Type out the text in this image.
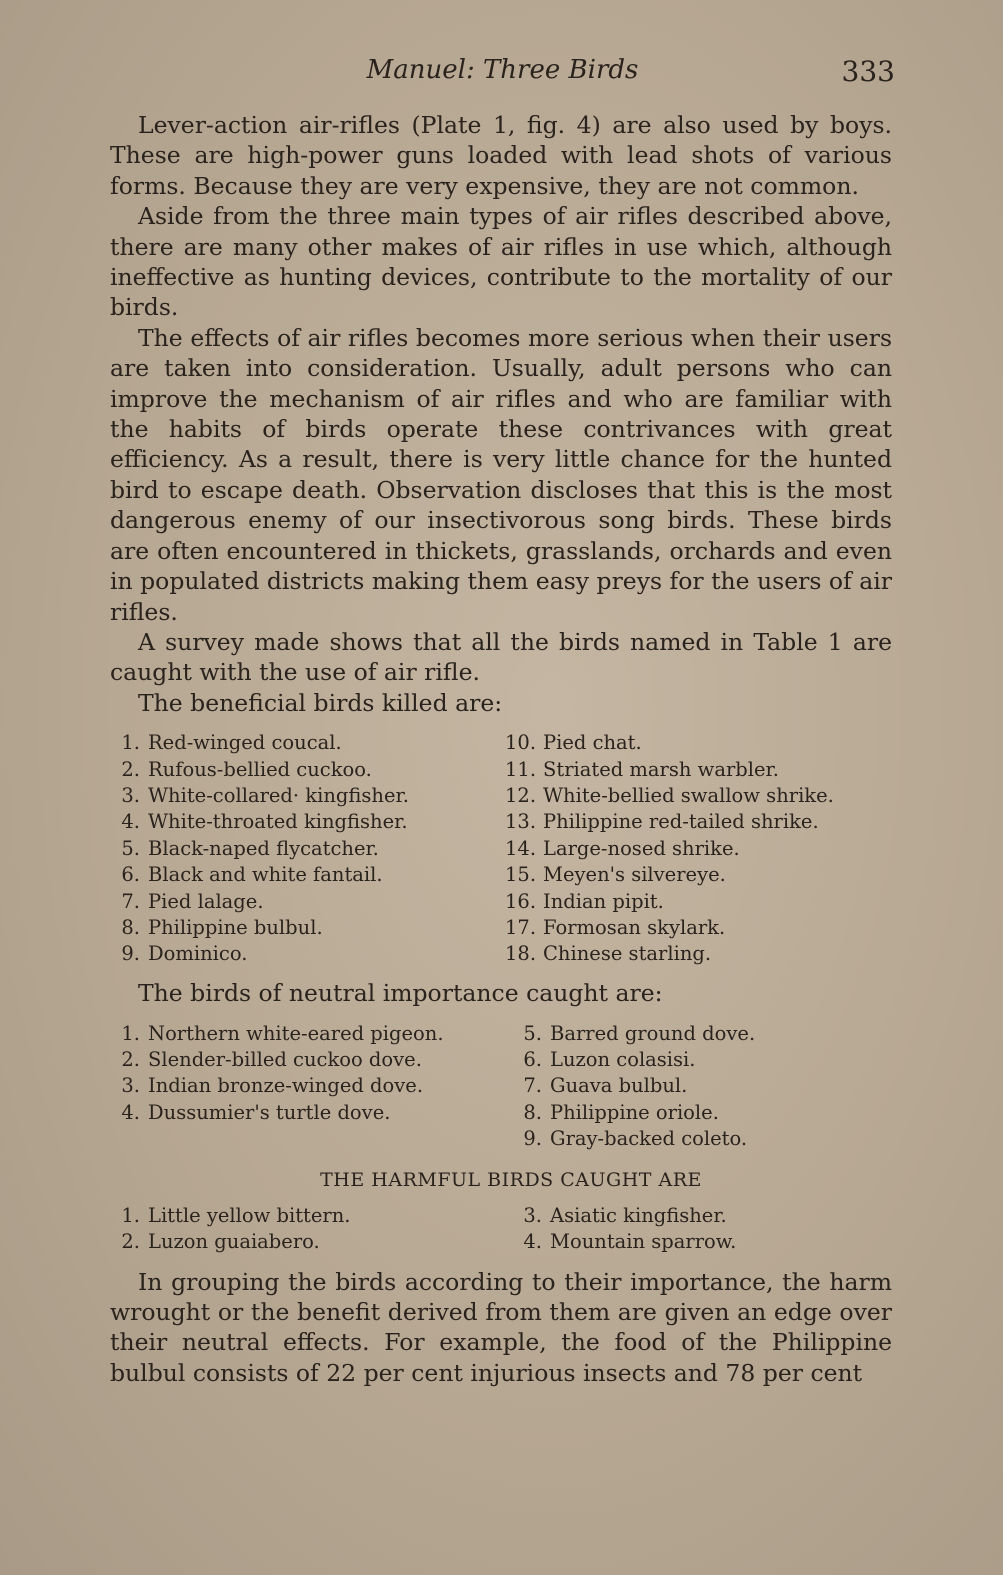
Manuel: Three Birds	333

Lever-action air-rifles (Plate 1, fig. 4) are also used by boys. These are high-power guns loaded with lead shots of various forms. Because they are very expensive, they are not common.

Aside from the three main types of air rifles described above, there are many other makes of air rifles in use which, although ineffective as hunting devices, contribute to the mortality of our birds.

The effects of air rifles becomes more serious when their users are taken into consideration. Usually, adult persons who can improve the mechanism of air rifles and who are familiar with the habits of birds operate these contrivances with great efficiency. As a result, there is very little chance for the hunted bird to escape death. Observation discloses that this is the most dangerous enemy of our insectivorous song birds. These birds are often encountered in thickets, grasslands, orchards and even in populated districts making them easy preys for the users of air rifles.

A survey made shows that all the birds named in Table 1 are caught with the use of air rifle.

The beneficial birds killed are:

1. Red-winged coucal.
2. Rufous-bellied cuckoo.
3. White-collared· kingfisher.
4. White-throated kingfisher.
5. Black-naped flycatcher.
6. Black and white fantail.
7. Pied lalage.
8. Philippine bulbul.
9. Dominico.
10. Pied chat.
11. Striated marsh warbler.
12. White-bellied swallow shrike.
13. Philippine red-tailed shrike.
14. Large-nosed shrike.
15. Meyen's silvereye.
16. Indian pipit.
17. Formosan skylark.
18. Chinese starling.

The birds of neutral importance caught are:

1. Northern white-eared pigeon.
2. Slender-billed cuckoo dove.
3. Indian bronze-winged dove.
4. Dussumier's turtle dove.
5. Barred ground dove.
6. Luzon colasisi.
7. Guava bulbul.
8. Philippine oriole.
9. Gray-backed coleto.
THE HARMFUL BIRDS CAUGHT ARE
1. Little yellow bittern.
2. Luzon guaiabero.
3. Asiatic kingfisher.
4. Mountain sparrow.

In grouping the birds according to their importance, the harm wrought or the benefit derived from them are given an edge over their neutral effects. For example, the food of the Philippine bulbul consists of 22 per cent injurious insects and 78 per cent
